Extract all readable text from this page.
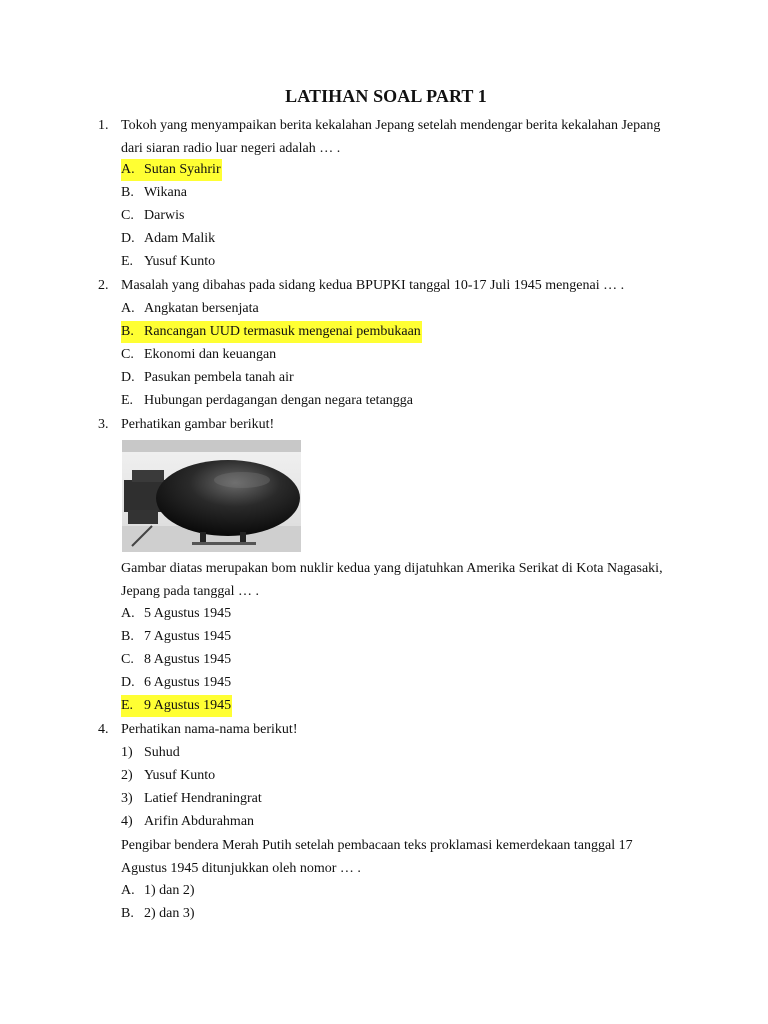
LATIHAN SOAL PART 1
1. Tokoh yang menyampaikan berita kekalahan Jepang setelah mendengar berita kekalahan Jepang dari siaran radio luar negeri adalah … .
A. Sutan Syahrir
B. Wikana
C. Darwis
D. Adam Malik
E. Yusuf Kunto
2. Masalah yang dibahas pada sidang kedua BPUPKI tanggal 10-17 Juli 1945 mengenai … .
A. Angkatan bersenjata
B. Rancangan UUD termasuk mengenai pembukaan
C. Ekonomi dan keuangan
D. Pasukan pembela tanah air
E. Hubungan perdagangan dengan negara tetangga
3. Perhatikan gambar berikut!
Gambar diatas merupakan bom nuklir kedua yang dijatuhkan Amerika Serikat di Kota Nagasaki, Jepang pada tanggal … .
A. 5 Agustus 1945
B. 7 Agustus 1945
C. 8 Agustus 1945
D. 6 Agustus 1945
E. 9 Agustus 1945
4. Perhatikan nama-nama berikut!
1) Suhud
2) Yusuf Kunto
3) Latief Hendraningrat
4) Arifin Abdurahman
Pengibar bendera Merah Putih setelah pembacaan teks proklamasi kemerdekaan tanggal 17 Agustus 1945 ditunjukkan oleh nomor … .
A. 1) dan 2)
B. 2) dan 3)
